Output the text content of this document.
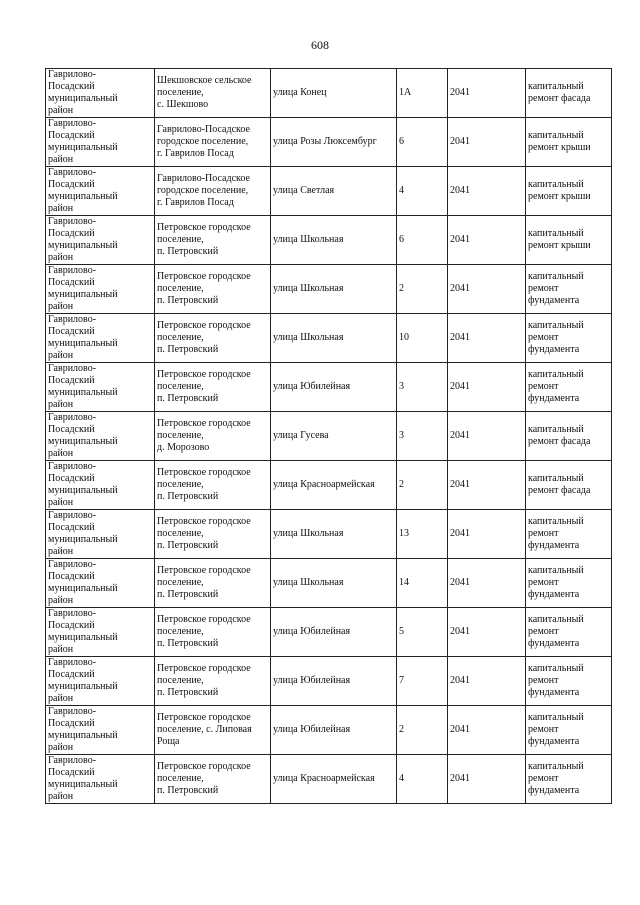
608
Гаврилово-
Посадский
муниципальный
район	Шекшовское сельское
поселение,
с. Шекшово	улица Конец	1А	2041	капитальный
ремонт фасада
Гаврилово-
Посадский
муниципальный
район	Гаврилово-Посадское
городское поселение,
г. Гаврилов Посад	улица Розы Люксембург	6	2041	капитальный
ремонт крыши
Гаврилово-
Посадский
муниципальный
район	Гаврилово-Посадское
городское поселение,
г. Гаврилов Посад	улица Светлая	4	2041	капитальный
ремонт крыши
Гаврилово-
Посадский
муниципальный
район	Петровское городское
поселение,
п. Петровский	улица Школьная	6	2041	капитальный
ремонт крыши
Гаврилово-
Посадский
муниципальный
район	Петровское городское
поселение,
п. Петровский	улица Школьная	2	2041	капитальный
ремонт
фундамента
Гаврилово-
Посадский
муниципальный
район	Петровское городское
поселение,
п. Петровский	улица Школьная	10	2041	капитальный
ремонт
фундамента
Гаврилово-
Посадский
муниципальный
район	Петровское городское
поселение,
п. Петровский	улица Юбилейная	3	2041	капитальный
ремонт
фундамента
Гаврилово-
Посадский
муниципальный
район	Петровское городское
поселение,
д. Морозово	улица Гусева	3	2041	капитальный
ремонт фасада
Гаврилово-
Посадский
муниципальный
район	Петровское городское
поселение,
п. Петровский	улица Красноармейская	2	2041	капитальный
ремонт фасада
Гаврилово-
Посадский
муниципальный
район	Петровское городское
поселение,
п. Петровский	улица Школьная	13	2041	капитальный
ремонт
фундамента
Гаврилово-
Посадский
муниципальный
район	Петровское городское
поселение,
п. Петровский	улица Школьная	14	2041	капитальный
ремонт
фундамента
Гаврилово-
Посадский
муниципальный
район	Петровское городское
поселение,
п. Петровский	улица Юбилейная	5	2041	капитальный
ремонт
фундамента
Гаврилово-
Посадский
муниципальный
район	Петровское городское
поселение,
п. Петровский	улица Юбилейная	7	2041	капитальный
ремонт
фундамента
Гаврилово-
Посадский
муниципальный
район	Петровское городское
поселение, с. Липовая
Роща	улица Юбилейная	2	2041	капитальный
ремонт
фундамента
Гаврилово-
Посадский
муниципальный
район	Петровское городское
поселение,
п. Петровский	улица Красноармейская	4	2041	капитальный
ремонт
фундамента
